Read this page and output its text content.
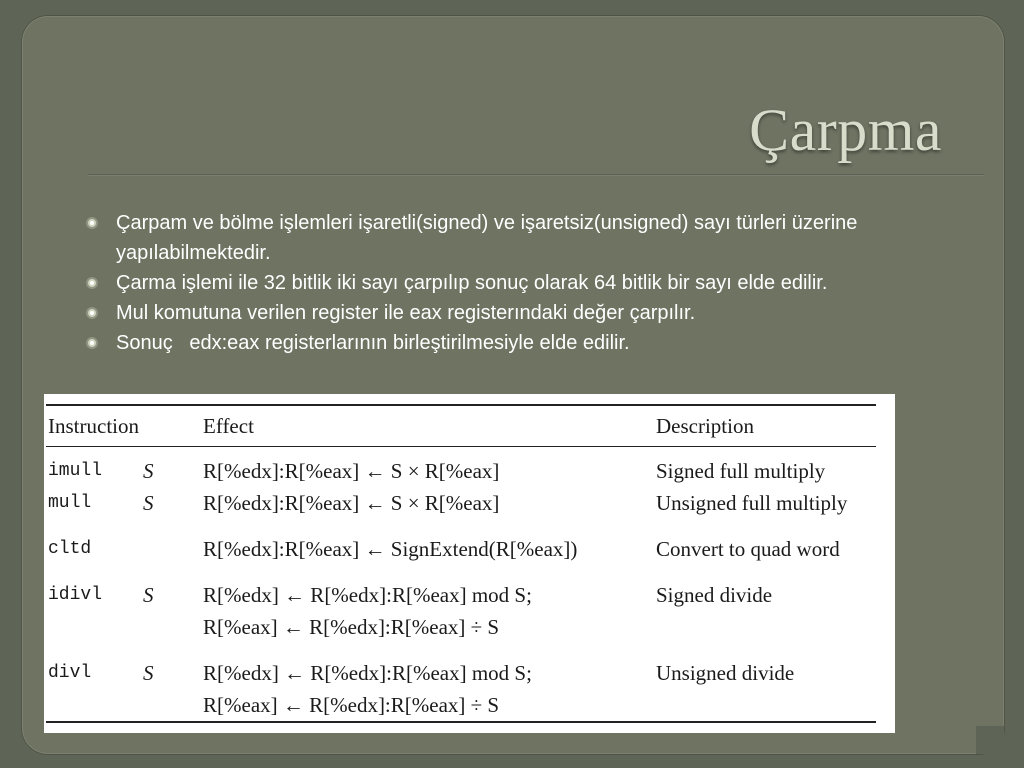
Çarpma
Çarpam ve bölme işlemleri işaretli(signed) ve işaretsiz(unsigned) sayı türleri üzerine yapılabilmektedir.
Çarma işlemi ile 32 bitlik iki sayı çarpılıp sonuç olarak 64 bitlik bir sayı elde edilir.
Mul komutuna verilen register ile eax registerındaki değer çarpılır.
Sonuç   edx:eax registerlarının birleştirilmesiyle elde edilir.
Instruction		Effect	Description

imull	S	R[%edx]:R[%eax] ← S × R[%eax]	Signed full multiply
mull	S	R[%edx]:R[%eax] ← S × R[%eax]	Unsigned full multiply
cltd		R[%edx]:R[%eax] ← SignExtend(R[%eax])	Convert to quad word
idivl	S	R[%edx] ← R[%edx]:R[%eax] mod S;
R[%eax] ← R[%edx]:R[%eax] ÷ S	Signed divide
divl	S	R[%edx] ← R[%edx]:R[%eax] mod S;
R[%eax] ← R[%edx]:R[%eax] ÷ S	Unsigned divide
